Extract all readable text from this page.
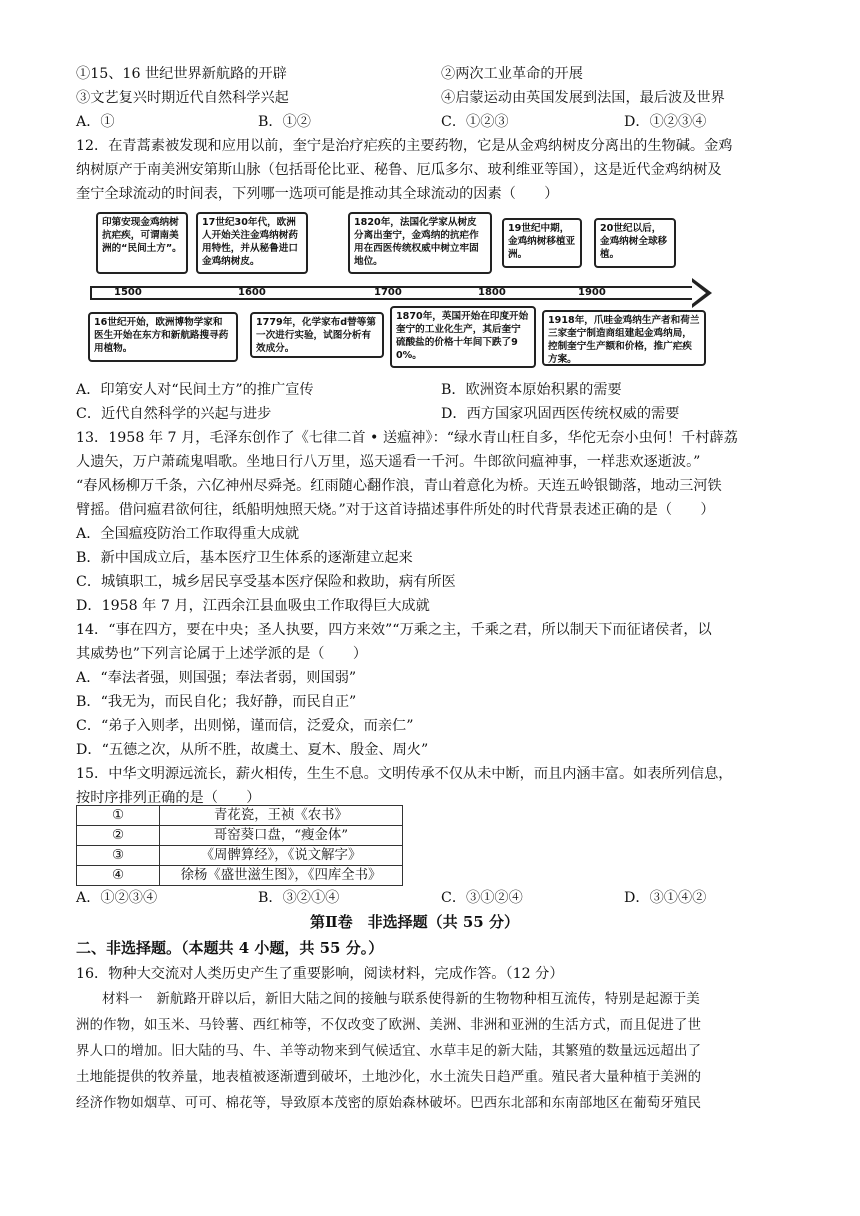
①15、16 世纪世界新航路的开辟	②两次工业革命的开展
③文艺复兴时期近代自然科学兴起	④启蒙运动由英国发展到法国，最后波及世界
A．①	B．①②	C．①②③	D．①②③④
12．在青蒿素被发现和应用以前，奎宁是治疗疟疾的主要药物，它是从金鸡纳树皮分离出的生物碱。金鸡
纳树原产于南美洲安第斯山脉（包括哥伦比亚、秘鲁、厄瓜多尔、玻利维亚等国），这是近代金鸡纳树及
奎宁全球流动的时间表，下列哪一选项可能是推动其全球流动的因素（　　）
印第安现金鸡纳树抗疟疾，可谓南美洲的“民间土方”。
17世纪30年代，欧洲人开始关注金鸡纳树药用特性，并从秘鲁进口金鸡纳树皮。
1820年，法国化学家从树皮分离出奎宁，金鸡纳的抗疟作用在西医传统权威中树立牢固地位。
19世纪中期，金鸡纳树移植亚洲。
20世纪以后，金鸡纳树全球移植。
1500	1600	1700	1800	1900
16世纪开始，欧洲博物学家和医生开始在东方和新航路搜寻药用植物。
1779年，化学家布d替等第一次进行实验，试图分析有效成分。
1870年，英国开始在印度开始奎宁的工业化生产，其后奎宁硫酸盐的价格十年间下跌了90%。
1918年，爪哇金鸡纳生产者和荷兰三家奎宁制造商组建起金鸡纳局，控制奎宁生产额和价格，推广疟疾方案。
A．印第安人对“民间土方”的推广宣传	B．欧洲资本原始积累的需要
C．近代自然科学的兴起与进步	D．西方国家巩固西医传统权威的需要
13．1958 年 7 月，毛泽东创作了《七律二首 • 送瘟神》：“绿水青山枉自多，华佗无奈小虫何！千村薜荔
人遗矢，万户萧疏鬼唱歌。坐地日行八万里，巡天遥看一千河。牛郎欲问瘟神事，一样悲欢逐逝波。”
“春风杨柳万千条，六亿神州尽舜尧。红雨随心翻作浪，青山着意化为桥。天连五岭银锄落，地动三河铁
臂摇。借问瘟君欲何往，纸船明烛照天烧。”对于这首诗描述事件所处的时代背景表述正确的是（　　）
A．全国瘟疫防治工作取得重大成就
B．新中国成立后，基本医疗卫生体系的逐渐建立起来
C．城镇职工，城乡居民享受基本医疗保险和救助，病有所医
D．1958 年 7 月，江西余江县血吸虫工作取得巨大成就
14．“事在四方，要在中央；圣人执要，四方来效”“万乘之主，千乘之君，所以制天下而征诸侯者，以
其威势也”下列言论属于上述学派的是（　　）
A．“奉法者强，则国强；奉法者弱，则国弱”
B．“我无为，而民自化；我好静，而民自正”
C．“弟子入则孝，出则悌，谨而信，泛爱众，而亲仁”
D．“五德之次，从所不胜，故虞土、夏木、殷金、周火”
15．中华文明源远流长，薪火相传，生生不息。文明传承不仅从未中断，而且内涵丰富。如表所列信息，
按时序排列正确的是（　　）
①	青花瓷，王祯《农书》
②	哥窑葵口盘，“瘦金体”
③	《周髀算经》，《说文解字》
④	徐杨《盛世滋生图》，《四库全书》
A．①②③④	B．③②①④	C．③①②④	D．③①④②
第Ⅱ卷　非选择题（共 55 分）
二、非选择题。（本题共 4 小题，共 55 分。）
16．物种大交流对人类历史产生了重要影响，阅读材料，完成作答。（12 分）
材料一　新航路开辟以后，新旧大陆之间的接触与联系使得新的生物物种相互流传，特别是起源于美
洲的作物，如玉米、马铃薯、西红柿等，不仅改变了欧洲、美洲、非洲和亚洲的生活方式，而且促进了世
界人口的增加。旧大陆的马、牛、羊等动物来到气候适宜、水草丰足的新大陆，其繁殖的数量远远超出了
土地能提供的牧养量，地表植被逐渐遭到破坏，土地沙化，水土流失日趋严重。殖民者大量种植于美洲的
经济作物如烟草、可可、棉花等，导致原本茂密的原始森林破坏。巴西东北部和东南部地区在葡萄牙殖民
